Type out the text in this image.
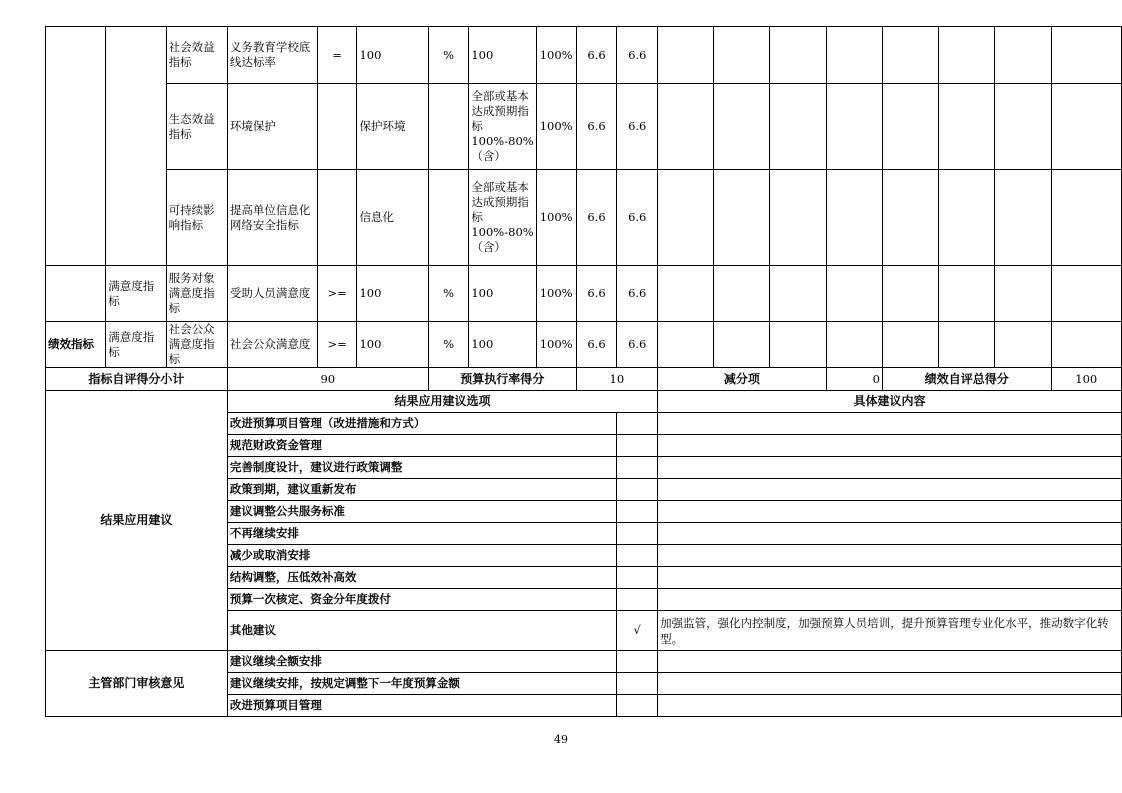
		社会效益指标	义务教育学校底线达标率	=	100	%	100	100%	6.6	6.6								
		生态效益指标	环境保护		保护环境		全部或基本达成预期指标100%-80%（含）	100%	6.6	6.6								
		可持续影响指标	提高单位信息化网络安全指标		信息化		全部或基本达成预期指标100%-80%（含）	100%	6.6	6.6								
	满意度指标	服务对象满意度指标	受助人员满意度	>=	100	%	100	100%	6.6	6.6								
绩效指标	满意度指标	社会公众满意度指标	社会公众满意度	>=	100	%	100	100%	6.6	6.6								
指标自评得分小计			90			预算执行率得分			10		减分项			0	绩效自评总得分			100
结果应用建议			结果应用建议选项								具体建议内容							
			改进预算项目管理（改进措施和方式）															
			规范财政资金管理															
			完善制度设计，建议进行政策调整															
			政策到期，建议重新发布															
			建议调整公共服务标准															
			不再继续安排															
			减少或取消安排															
			结构调整，压低效补高效															
			预算一次核定、资金分年度拨付															
			其他建议							√	加强监管，强化内控制度，加强预算人员培训，提升预算管理专业化水平，推动数字化转型。							
主管部门审核意见			建议继续全额安排															
			建议继续安排，按规定调整下一年度预算金额															
			改进预算项目管理															
49
